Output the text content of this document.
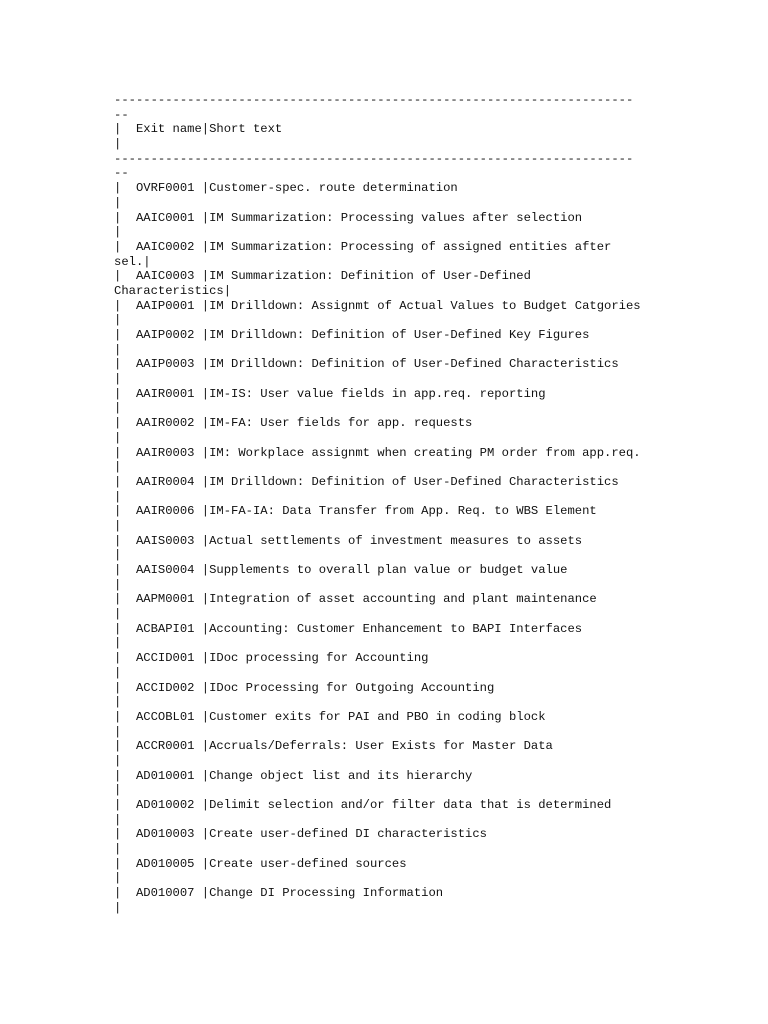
-----------------------------------------------------------------------
--
|  Exit name|Short text
|
-----------------------------------------------------------------------
--
|  OVRF0001 |Customer-spec. route determination
|
|  AAIC0001 |IM Summarization: Processing values after selection
|
|  AAIC0002 |IM Summarization: Processing of assigned entities after
sel.|
|  AAIC0003 |IM Summarization: Definition of User-Defined
Characteristics|
|  AAIP0001 |IM Drilldown: Assignmt of Actual Values to Budget Catgories
|
|  AAIP0002 |IM Drilldown: Definition of User-Defined Key Figures
|
|  AAIP0003 |IM Drilldown: Definition of User-Defined Characteristics
|
|  AAIR0001 |IM-IS: User value fields in app.req. reporting
|
|  AAIR0002 |IM-FA: User fields for app. requests
|
|  AAIR0003 |IM: Workplace assignmt when creating PM order from app.req.
|
|  AAIR0004 |IM Drilldown: Definition of User-Defined Characteristics
|
|  AAIR0006 |IM-FA-IA: Data Transfer from App. Req. to WBS Element
|
|  AAIS0003 |Actual settlements of investment measures to assets
|
|  AAIS0004 |Supplements to overall plan value or budget value
|
|  AAPM0001 |Integration of asset accounting and plant maintenance
|
|  ACBAPI01 |Accounting: Customer Enhancement to BAPI Interfaces
|
|  ACCID001 |IDoc processing for Accounting
|
|  ACCID002 |IDoc Processing for Outgoing Accounting
|
|  ACCOBL01 |Customer exits for PAI and PBO in coding block
|
|  ACCR0001 |Accruals/Deferrals: User Exists for Master Data
|
|  AD010001 |Change object list and its hierarchy
|
|  AD010002 |Delimit selection and/or filter data that is determined
|
|  AD010003 |Create user-defined DI characteristics
|
|  AD010005 |Create user-defined sources
|
|  AD010007 |Change DI Processing Information
|
